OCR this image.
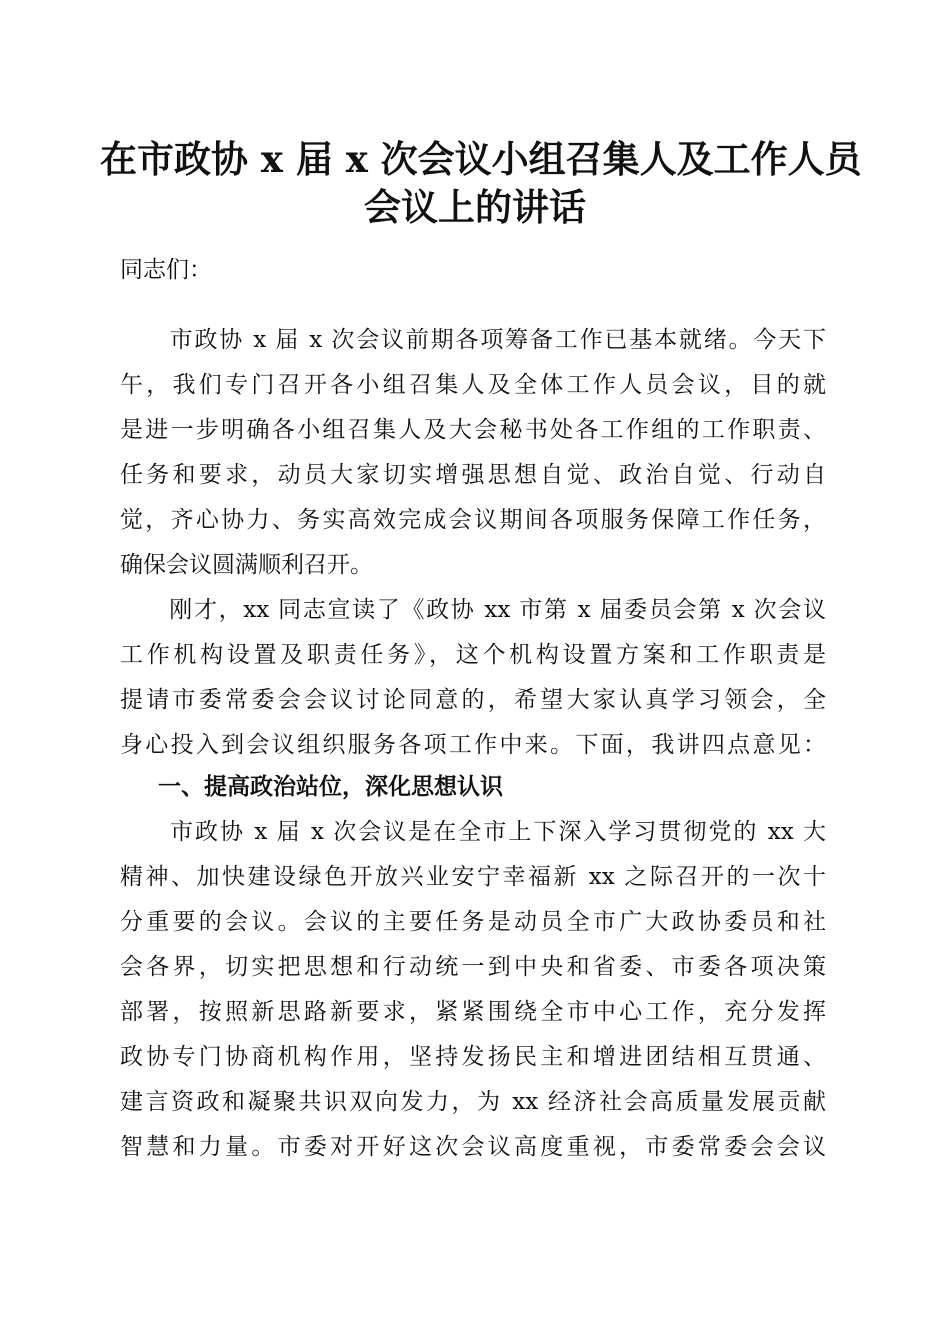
在市政协 x 届 x 次会议小组召集人及工作人员
会议上的讲话

同志们：

　　市政协 x 届 x 次会议前期各项筹备工作已基本就绪。今天下

午，我们专门召开各小组召集人及全体工作人员会议，目的就

是进一步明确各小组召集人及大会秘书处各工作组的工作职责、

任务和要求，动员大家切实增强思想自觉、政治自觉、行动自

觉，齐心协力、务实高效完成会议期间各项服务保障工作任务，

确保会议圆满顺利召开。

　　刚才，xx 同志宣读了《政协 xx 市第 x 届委员会第 x 次会议

工作机构设置及职责任务》，这个机构设置方案和工作职责是

提请市委常委会会议讨论同意的，希望大家认真学习领会，全

身心投入到会议组织服务各项工作中来。下面，我讲四点意见：

一、提高政治站位，深化思想认识

　　市政协 x 届 x 次会议是在全市上下深入学习贯彻党的 xx 大

精神、加快建设绿色开放兴业安宁幸福新 xx 之际召开的一次十

分重要的会议。会议的主要任务是动员全市广大政协委员和社

会各界，切实把思想和行动统一到中央和省委、市委各项决策

部署，按照新思路新要求，紧紧围绕全市中心工作，充分发挥

政协专门协商机构作用，坚持发扬民主和增进团结相互贯通、

建言资政和凝聚共识双向发力，为 xx 经济社会高质量发展贡献

智慧和力量。市委对开好这次会议高度重视，市委常委会会议
